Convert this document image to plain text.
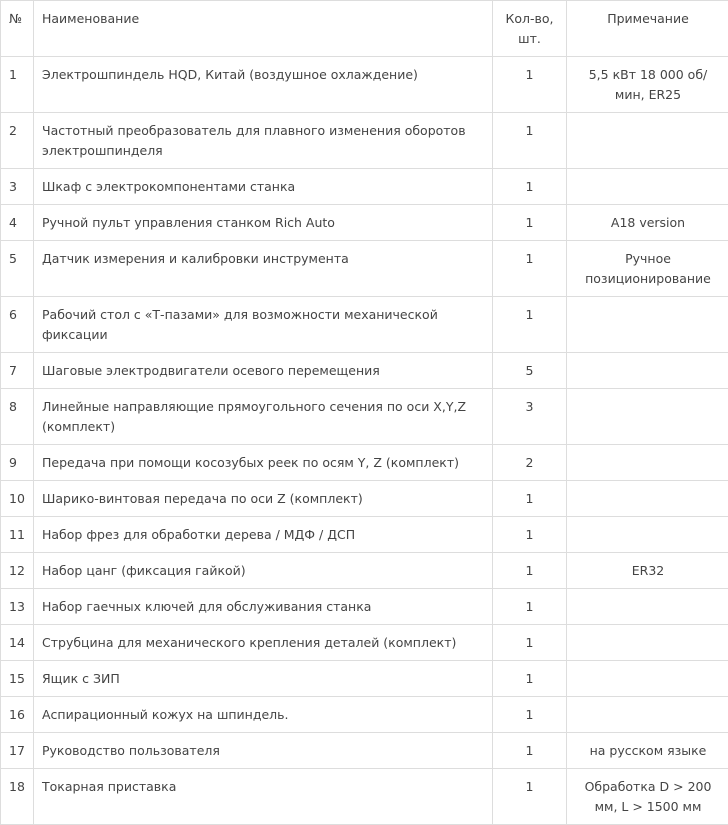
№	Наименование	Кол-во, шт.	Примечание
1	Электрошпиндель HQD, Китай (воздушное охлаждение)	1	5,5 кВт 18 000 об/мин, ER25
2	Частотный преобразователь для плавного изменения оборотов электрошпинделя	1	
3	Шкаф с электрокомпонентами станка	1	
4	Ручной пульт управления станком Rich Auto	1	A18 version
5	Датчик измерения и калибровки инструмента	1	Ручное позиционирование
6	Рабочий стол с «Т-пазами» для возможности механической фиксации	1	
7	Шаговые электродвигатели осевого перемещения	5	
8	Линейные направляющие прямоугольного сечения по оси X,Y,Z (комплект)	3	
9	Передача при помощи косозубых реек по осям Y, Z (комплект)	2	
10	Шарико-винтовая передача по оси Z (комплект)	1	
11	Набор фрез для обработки дерева / МДФ / ДСП	1	
12	Набор цанг (фиксация гайкой)	1	ER32
13	Набор гаечных ключей для обслуживания станка	1	
14	Струбцина для механического крепления деталей (комплект)	1	
15	Ящик с ЗИП	1	
16	Аспирационный кожух на шпиндель.	1	
17	Руководство пользователя	1	на русском языке
18	Токарная приставка	1	Обработка D > 200 мм, L > 1500 мм
